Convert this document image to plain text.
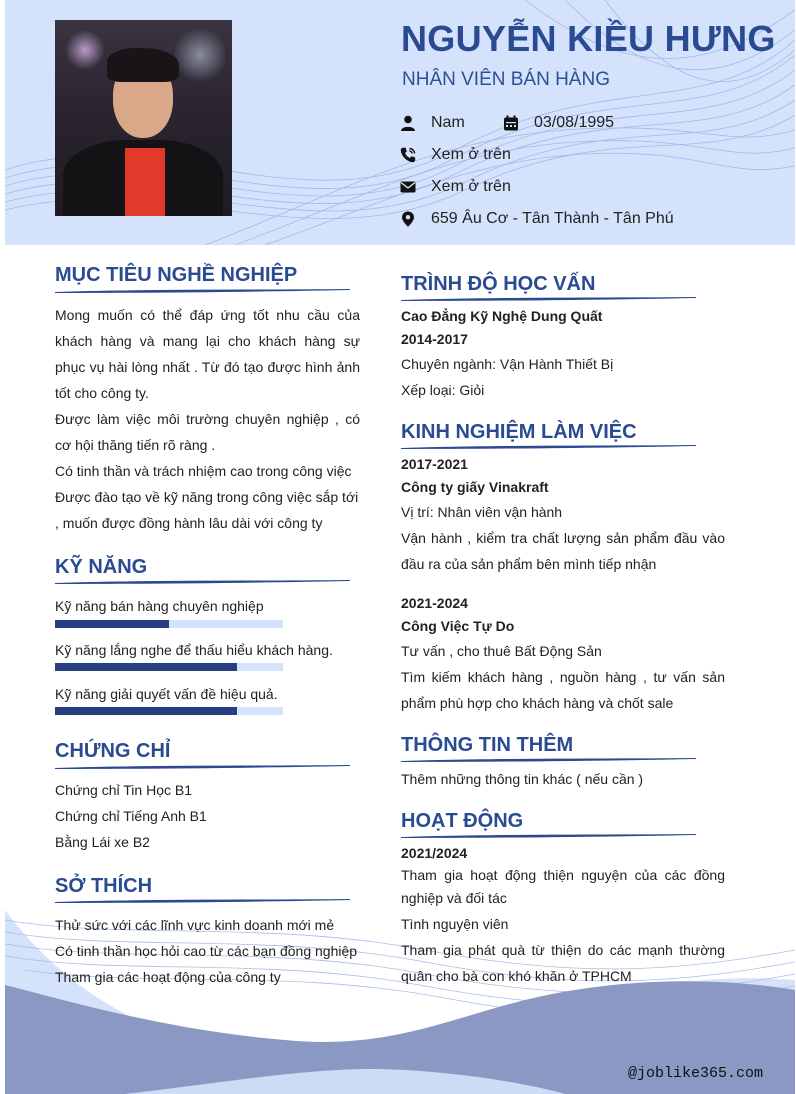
NGUYỄN KIỀU HƯNG
NHÂN VIÊN BÁN HÀNG
Nam	03/08/1995
Xem ở trên
Xem ở trên
659 Âu Cơ - Tân Thành - Tân Phú
@joblike365.com
MỤC TIÊU NGHỀ NGHIỆP
Mong muốn có thể đáp ứng tốt nhu cầu của khách hàng và mang lại cho khách hàng sự phục vụ hài lòng nhất . Từ đó tạo được hình ảnh tốt cho công ty.
Được làm việc môi trường chuyên nghiệp , có cơ hội thăng tiến rõ ràng .
Có tinh thần và trách nhiệm cao trong công việc
Được đào tạo về kỹ năng trong công việc sắp tới , muốn được đồng hành lâu dài với công ty
KỸ NĂNG
Kỹ năng bán hàng chuyên nghiệp
Kỹ năng lắng nghe để thấu hiểu khách hàng.
Kỹ năng giải quyết vấn đề hiệu quả.
CHỨNG CHỈ
Chứng chỉ Tin Học B1
Chứng chỉ Tiếng Anh B1
Bằng Lái xe B2
SỞ THÍCH
Thử sức với các lĩnh vực kinh doanh mới mẻ
Có tinh thần học hỏi cao từ các bạn đồng nghiệp
Tham gia các hoạt động của công ty
TRÌNH ĐỘ HỌC VẤN
Cao Đẳng Kỹ Nghệ Dung Quất
2014-2017
Chuyên ngành: Vận Hành Thiết Bị
Xếp loại: Giỏi
KINH NGHIỆM LÀM VIỆC
2017-2021
Công ty giấy Vinakraft
Vị trí: Nhân viên vận hành
Vận hành , kiểm tra chất lượng sản phẩm đầu vào đầu ra của sản phẩm bên mình tiếp nhận
2021-2024
Công Việc Tự Do
Tư vấn , cho thuê Bất Động Sản
Tìm kiếm khách hàng , nguồn hàng , tư vấn sản phẩm phù hợp cho khách hàng và chốt sale
THÔNG TIN THÊM
Thêm những thông tin khác ( nếu cần )
HOẠT ĐỘNG
2021/2024
Tham gia hoạt động thiện nguyện của các đồng nghiệp và đối tác
Tình nguyện viên
Tham gia phát quà từ thiện do các mạnh thường quân cho bà con khó khăn ở TPHCM
